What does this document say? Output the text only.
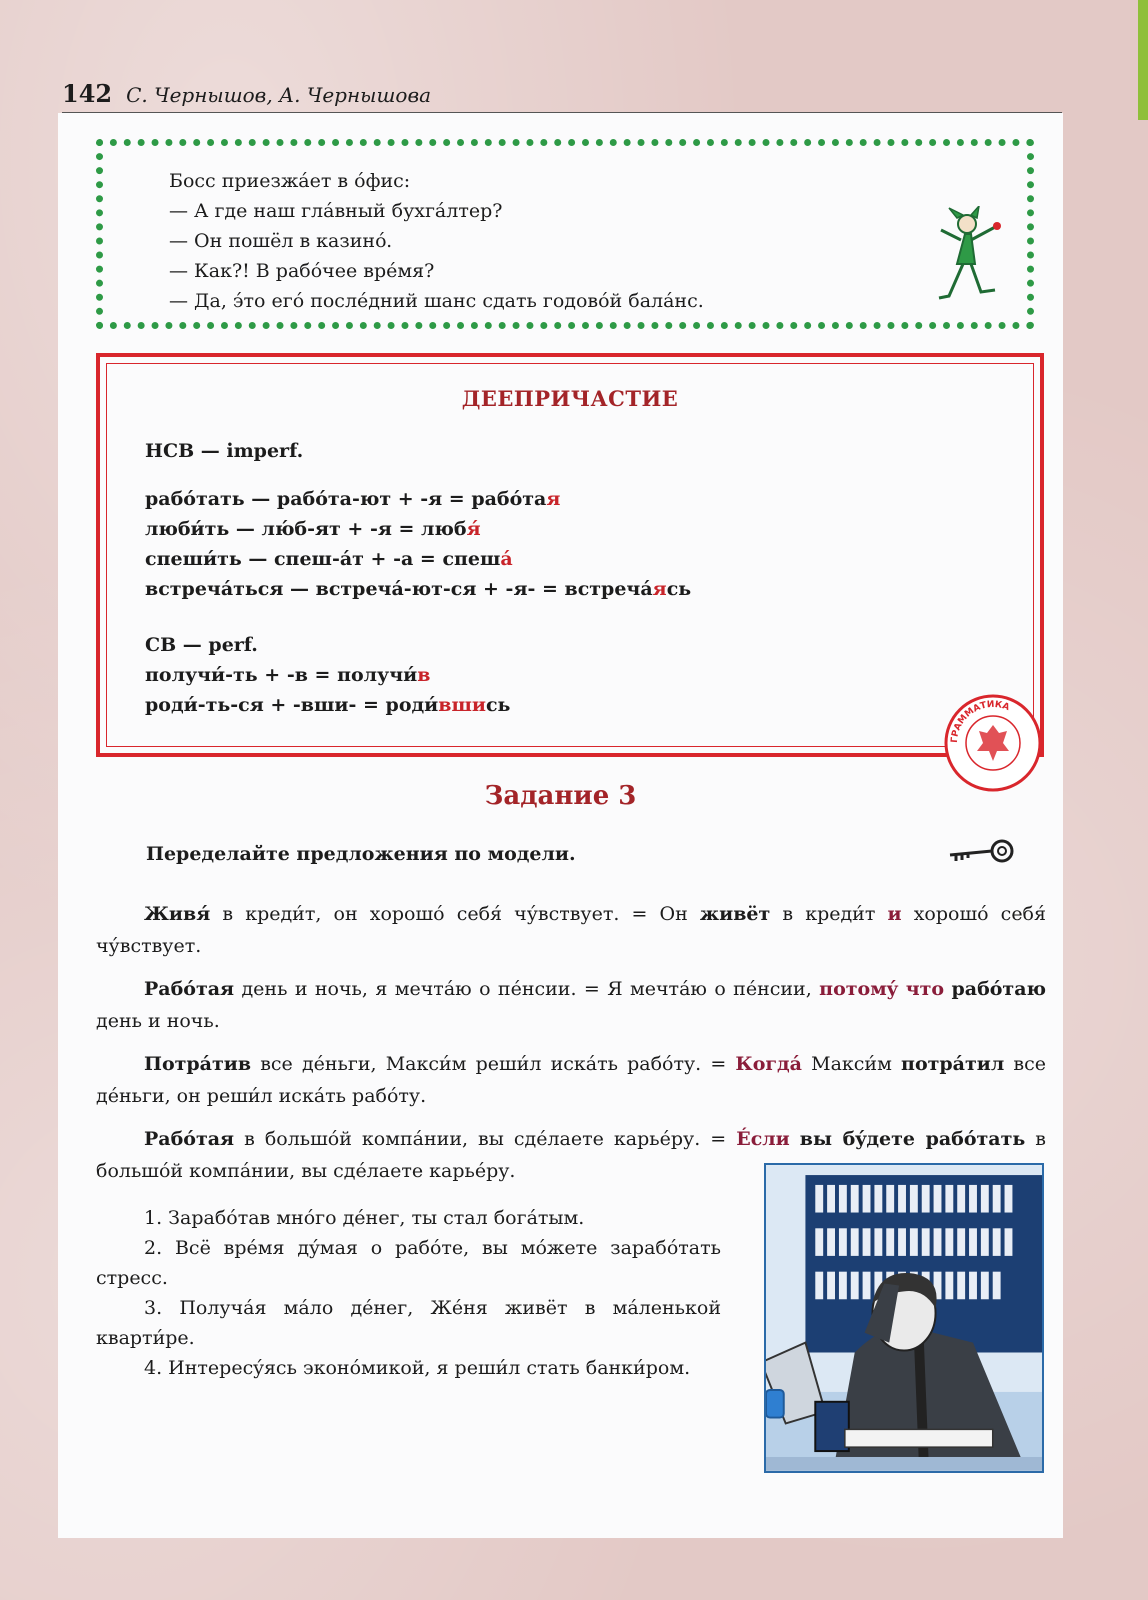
142 С. Чернышов, А. Чернышова
Босс приезжáет в óфис:
— А где наш глáвный бухгáлтер?
— Он пошёл в казинó.
— Как?! В рабóчее врéмя?
— Да, э́то егó послéдний шанс сдать годовóй балáнс.
ДЕЕПРИЧАСТИЕ
НСВ — imperf.
рабóтать — рабóта-ют + -я = рабóтая
люби́ть — лю́б-ят + -я = любя́
спеши́ть — спеш-áт + -а = спешá
встречáться — встречá-ют-ся + -я- = встречáясь
СВ — perf.
получи́-ть + -в = получи́в
роди́-ть-ся + -вши- = роди́вшись
ГРАММАТИКА
Задание 3
Переделайте предложения по модели.
Живя́ в креди́т, он хорошó себя́ чу́вствует. = Он живёт в креди́т и хорошó себя́ чу́вствует.
Рабóтая день и ночь, я мечтáю о пéнсии. = Я мечтáю о пéнсии, потомý что рабóтаю день и ночь.
Потрáтив все дéньги, Макси́м реши́л искáть рабóту. = Когдá Макси́м потрáтил все дéньги, он реши́л искáть рабóту.
Рабóтая в большóй компáнии, вы сдéлаете карьéру. = Éсли вы бýдете рабóтать в большóй компáнии, вы сдéлаете карьéру.
1. Зарабóтав мнóго дéнег, ты стал богáтым.
2. Всё врéмя дýмая о рабóте, вы мóжете зарабóтать стресс.
3. Получáя мáло дéнег, Жéня живёт в мáленькой кварти́ре.
4. Интересýясь эконóмикой, я реши́л стать банки́ром.
